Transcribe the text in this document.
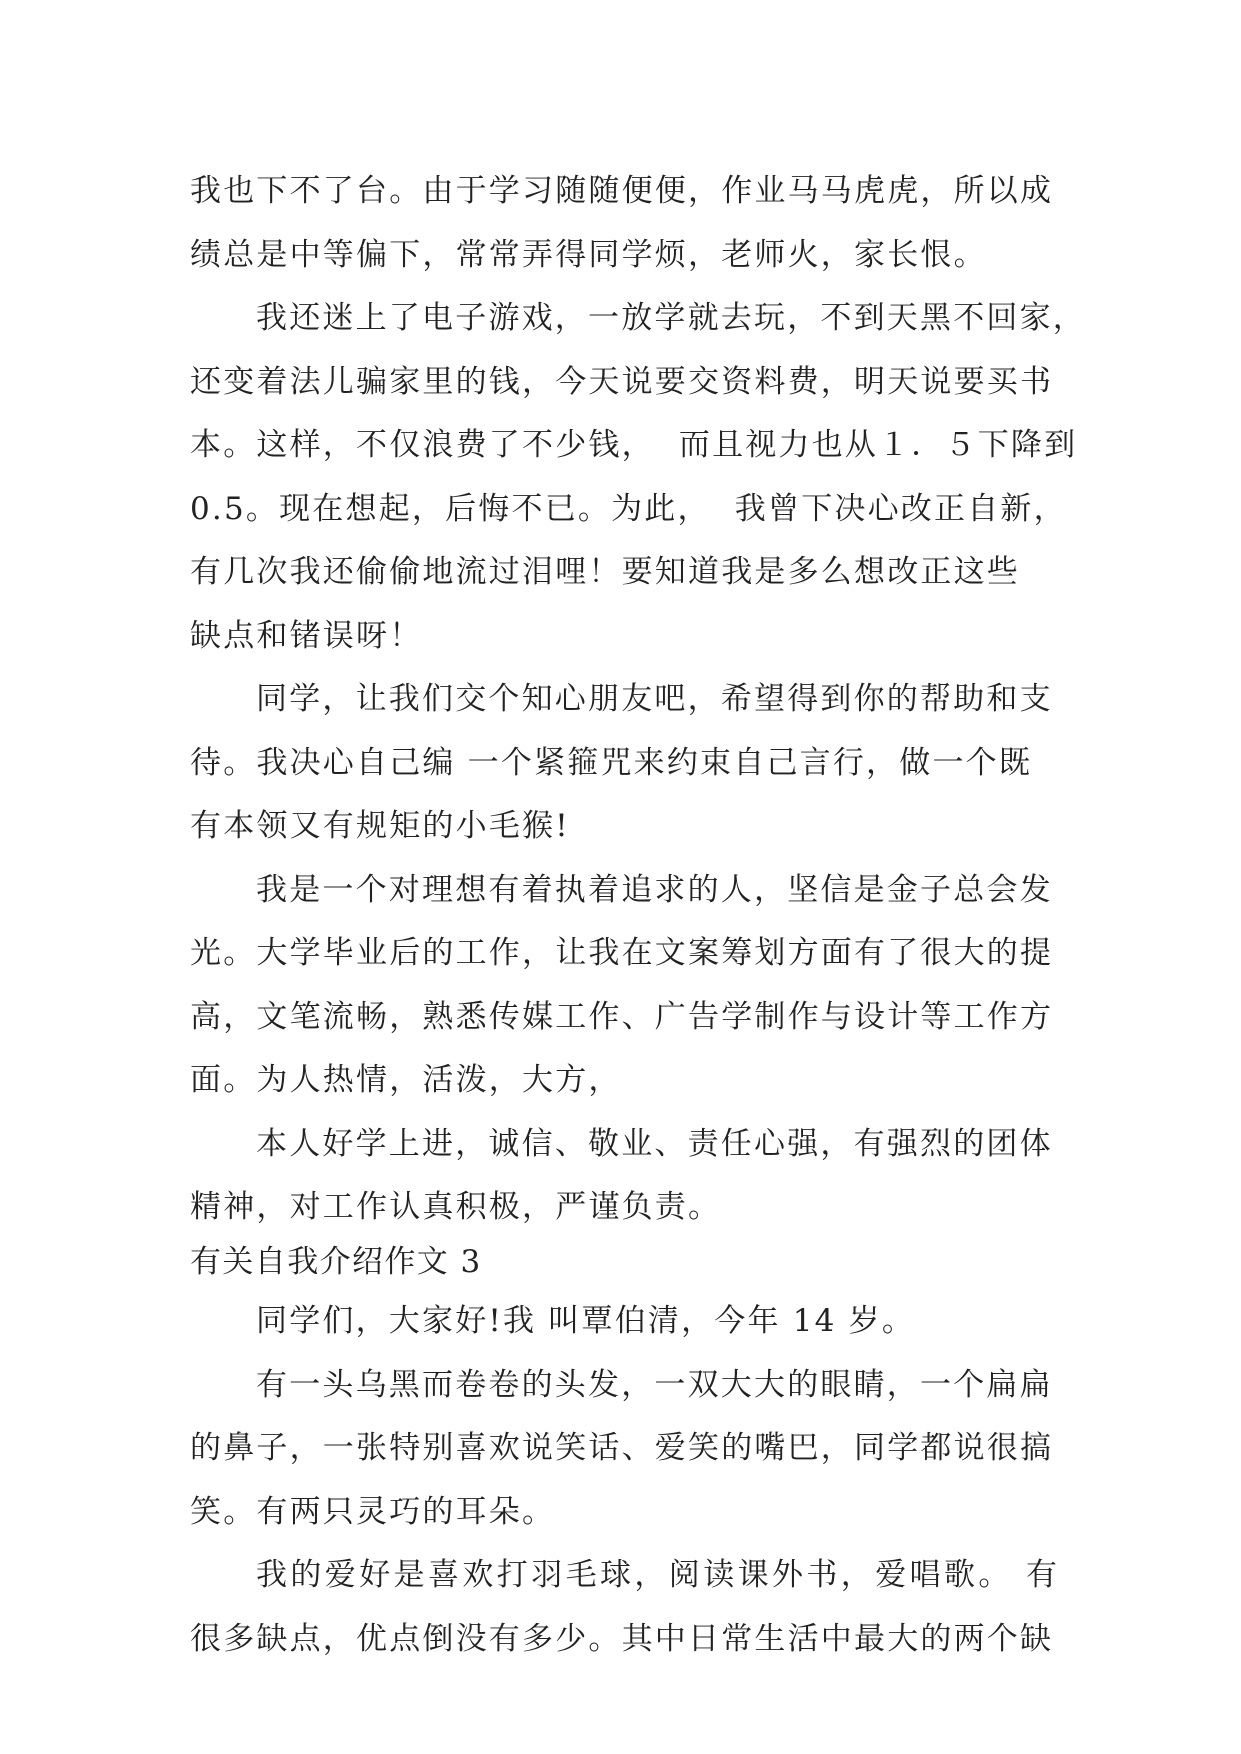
我也下不了台。由于学习随随便便，作业马马虎虎，所以成
绩总是中等偏下，常常弄得同学烦，老师火，家长恨。
我还迷上了电子游戏，一放学就去玩，不到天黑不回家，
还变着法儿骗家里的钱，今天说要交资料费，明天说要买书
本。这样，不仅浪费了不少钱，  而且视力也从１．５下降到
0.5。现在想起，后悔不已。为此，  我曾下决心改正自新，
有几次我还偷偷地流过泪哩！要知道我是多么想改正这些
缺点和锗误呀！
同学，让我们交个知心朋友吧，希望得到你的帮助和支
待。我决心自己编 一个紧箍咒来约束自己言行，做一个既
有本领又有规矩的小毛猴!
我是一个对理想有着执着追求的人，坚信是金子总会发
光。大学毕业后的工作，让我在文案筹划方面有了很大的提
高，文笔流畅，熟悉传媒工作、广告学制作与设计等工作方
面。为人热情，活泼，大方，
本人好学上进，诚信、敬业、责任心强，有强烈的团体
精神，对工作认真积极，严谨负责。
有关自我介绍作文 3
同学们，大家好!我 叫覃伯清，今年 14 岁。
有一头乌黑而卷卷的头发，一双大大的眼睛，一个扁扁
的鼻子，一张特别喜欢说笑话、爱笑的嘴巴，同学都说很搞
笑。有两只灵巧的耳朵。
我的爱好是喜欢打羽毛球，阅读课外书，爱唱歌。 有
很多缺点，优点倒没有多少。其中日常生活中最大的两个缺
